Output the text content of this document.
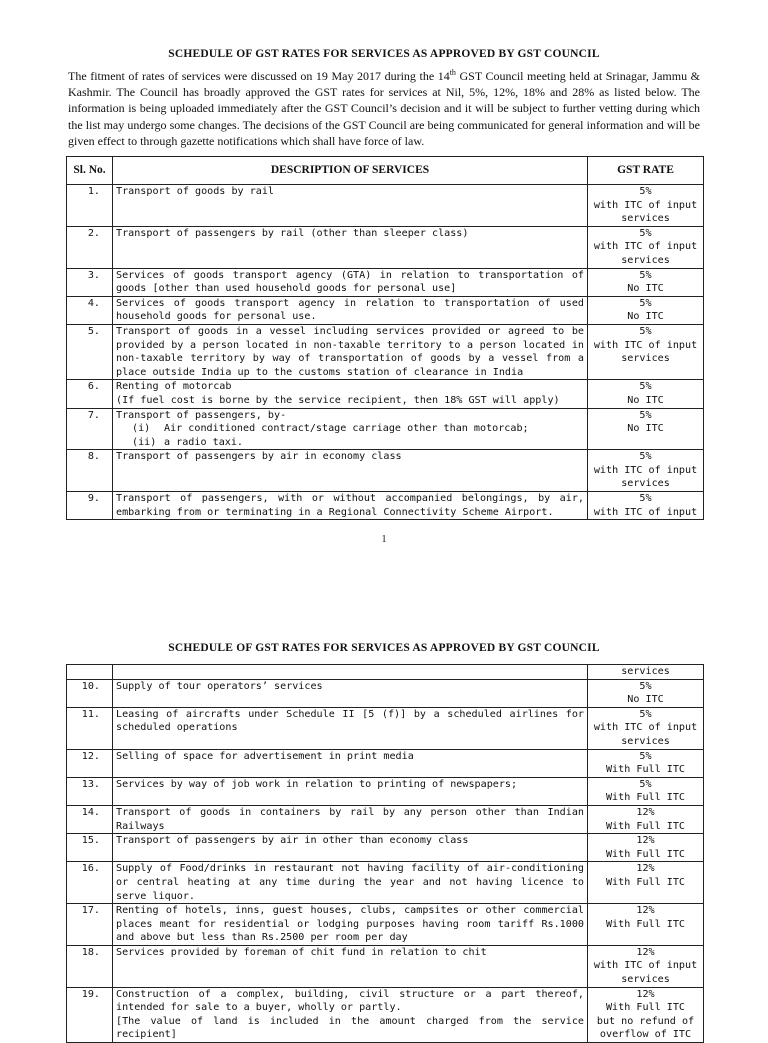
SCHEDULE OF GST RATES FOR SERVICES AS APPROVED BY GST COUNCIL
The fitment of rates of services were discussed on 19 May 2017 during the 14th GST Council meeting held at Srinagar, Jammu & Kashmir. The Council has broadly approved the GST rates for services at Nil, 5%, 12%, 18% and 28% as listed below. The information is being uploaded immediately after the GST Council’s decision and it will be subject to further vetting during which the list may undergo some changes. The decisions of the GST Council are being communicated for general information and will be given effect to through gazette notifications which shall have force of law.
Sl. No.	DESCRIPTION OF SERVICES	GST RATE
1.	Transport of goods by rail	5%
with ITC of input services

2.	Transport of passengers by rail (other than sleeper class)	5%
with ITC of input services

3.	Services of goods transport agency (GTA) in relation to transportation of goods [other than used household goods for personal use]	5%
No ITC

4.	Services of goods transport agency in relation to transportation of used household goods for personal use.	5%
No ITC

5.	Transport of goods in a vessel including services provided or agreed to be provided by a person located in non-taxable territory to a person located in non-taxable territory by way of transportation of goods by a vessel from a place outside India up to the customs station of clearance in India	5%
with ITC of input services

6.	Renting of motorcab
(If fuel cost is borne by the service recipient, then 18% GST will apply)	5%
No ITC

7.	Transport of passengers, by-
(i) Air conditioned contract/stage carriage other than motorcab;
(ii) a radio taxi.	5%
No ITC

8.	Transport of passengers by air in economy class	5%
with ITC of input services

9.	Transport of passengers, with or without accompanied belongings, by air, embarking from or terminating in a Regional Connectivity Scheme Airport.	5%
with ITC of input
1
SCHEDULE OF GST RATES FOR SERVICES AS APPROVED BY GST COUNCIL
		services
10.	Supply of tour operators’ services	5%
No ITC

11.	Leasing of aircrafts under Schedule II [5 (f)] by a scheduled airlines for scheduled operations	5%
with ITC of input services

12.	Selling of space for advertisement in print media	5%
With Full ITC

13.	Services by way of job work in relation to printing of newspapers;	5%
With Full ITC

14.	Transport of goods in containers by rail by any person other than Indian Railways	12%
With Full ITC

15.	Transport of passengers by air in other than economy class	12%
With Full ITC

16.	Supply of Food/drinks in restaurant not having facility of air-conditioning or central heating at any time during the year and not having licence to serve liquor.	12%
With Full ITC

17.	Renting of hotels, inns, guest houses, clubs, campsites or other commercial places meant for residential or lodging purposes having room tariff Rs.1000 and above but less than Rs.2500 per room per day	12%
With Full ITC

18.	Services provided by foreman of chit fund in relation to chit	12%
with ITC of input services

19.	Construction of a complex, building, civil structure or a part thereof, intended for sale to a buyer, wholly or partly.
[The value of land is included in the amount charged from the service recipient]	12%
With Full ITC
but no refund of
overflow of ITC
